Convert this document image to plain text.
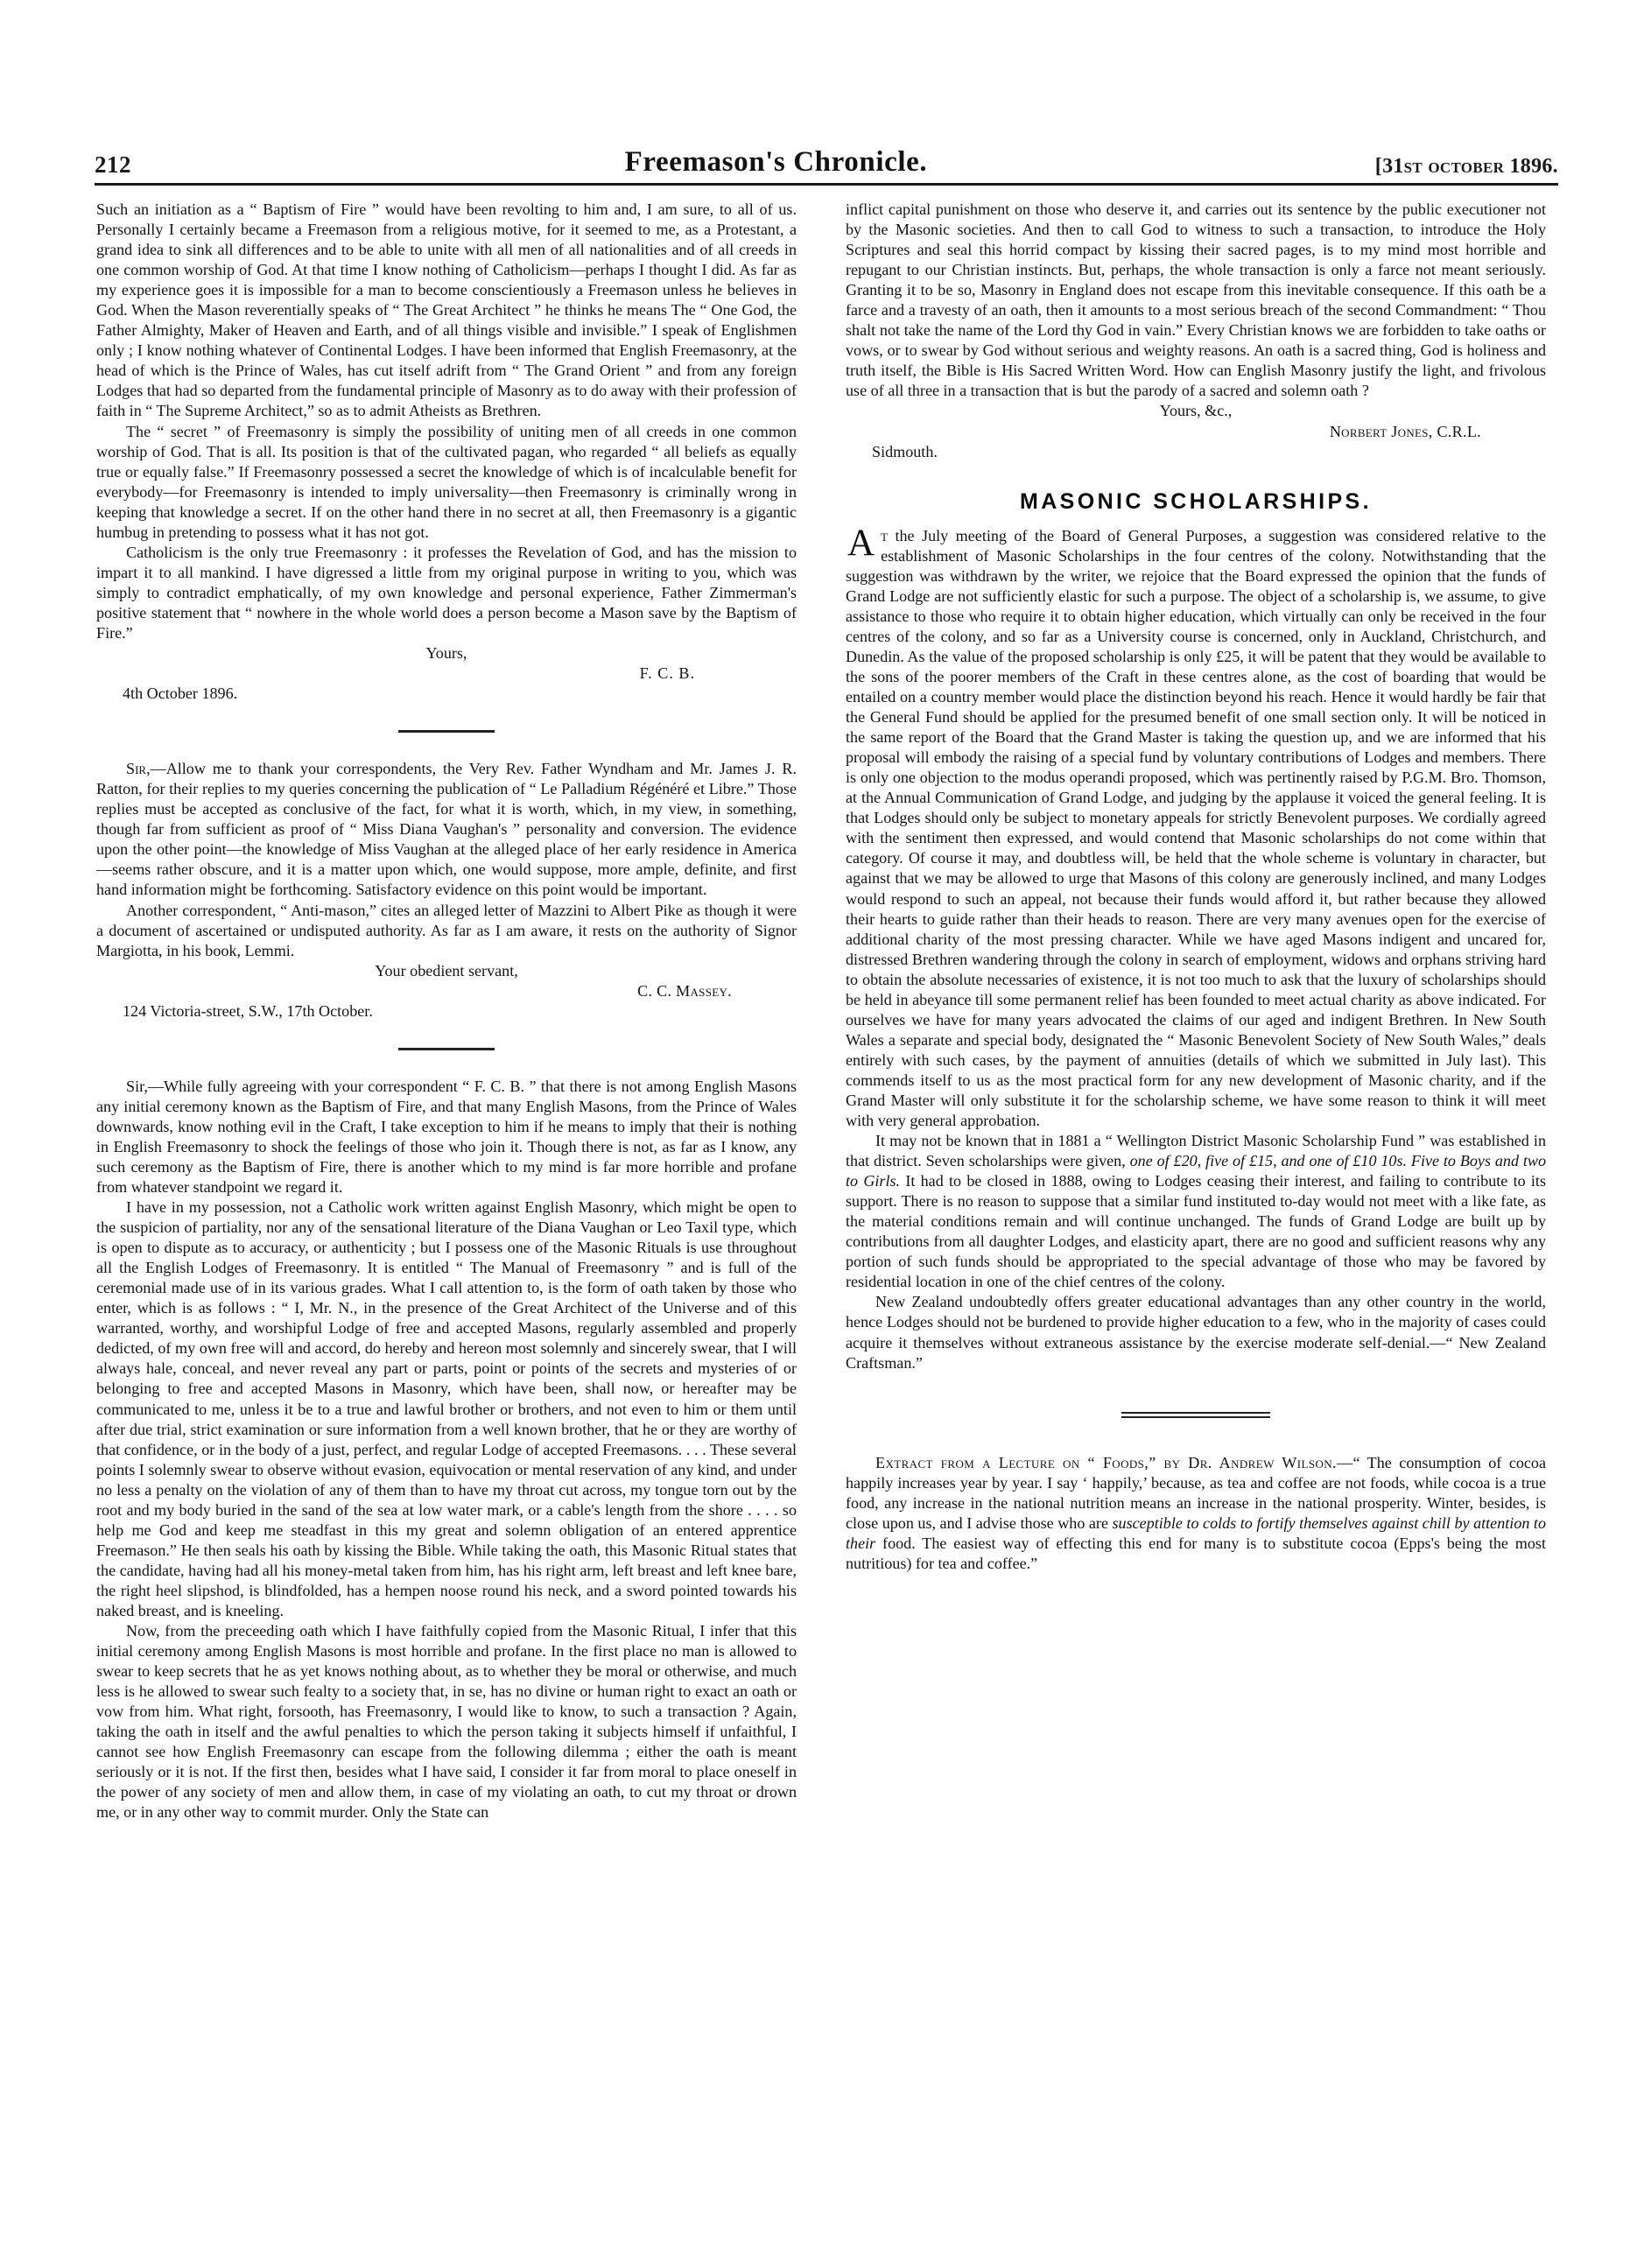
212	Freemason's Chronicle.	[31st october 1896.

Such an initiation as a “ Baptism of Fire ” would have been revolting to him and, I am sure, to all of us. Personally I certainly became a Freemason from a religious motive, for it seemed to me, as a Protestant, a grand idea to sink all differences and to be able to unite with all men of all nationalities and of all creeds in one common worship of God. At that time I know nothing of Catholicism—perhaps I thought I did. As far as my experience goes it is impossible for a man to become conscientiously a Freemason unless he believes in God. When the Mason reverentially speaks of “ The Great Architect ” he thinks he means The “ One God, the Father Almighty, Maker of Heaven and Earth, and of all things visible and invisible.” I speak of Englishmen only ; I know nothing whatever of Continental Lodges. I have been informed that English Freemasonry, at the head of which is the Prince of Wales, has cut itself adrift from “ The Grand Orient ” and from any foreign Lodges that had so departed from the fundamental principle of Masonry as to do away with their profession of faith in “ The Supreme Architect,” so as to admit Atheists as Brethren.

The “ secret ” of Freemasonry is simply the possibility of uniting men of all creeds in one common worship of God. That is all. Its position is that of the cultivated pagan, who regarded “ all beliefs as equally true or equally false.” If Freemasonry possessed a secret the knowledge of which is of incalculable benefit for everybody—for Freemasonry is intended to imply universality—then Freemasonry is criminally wrong in keeping that knowledge a secret. If on the other hand there in no secret at all, then Freemasonry is a gigantic humbug in pretending to possess what it has not got.

Catholicism is the only true Freemasonry : it professes the Revelation of God, and has the mission to impart it to all mankind. I have digressed a little from my original purpose in writing to you, which was simply to contradict emphatically, of my own knowledge and personal experience, Father Zimmerman's positive statement that “ nowhere in the whole world does a person become a Mason save by the Baptism of Fire.”

Yours,

F. C. B.

4th October 1896.

Sir,—Allow me to thank your correspondents, the Very Rev. Father Wyndham and Mr. James J. R. Ratton, for their replies to my queries concerning the publication of “ Le Palladium Régénéré et Libre.” Those replies must be accepted as conclusive of the fact, for what it is worth, which, in my view, in something, though far from sufficient as proof of “ Miss Diana Vaughan's ” personality and conversion. The evidence upon the other point—the knowledge of Miss Vaughan at the alleged place of her early residence in America—seems rather obscure, and it is a matter upon which, one would suppose, more ample, definite, and first hand information might be forthcoming. Satisfactory evidence on this point would be important.

Another correspondent, “ Anti-mason,” cites an alleged letter of Mazzini to Albert Pike as though it were a document of ascertained or undisputed authority. As far as I am aware, it rests on the authority of Signor Margiotta, in his book, Lemmi.

Your obedient servant,

C. C. Massey.

124 Victoria-street, S.W., 17th October.

Sir,—While fully agreeing with your correspondent “ F. C. B. ” that there is not among English Masons any initial ceremony known as the Baptism of Fire, and that many English Masons, from the Prince of Wales downwards, know nothing evil in the Craft, I take exception to him if he means to imply that their is nothing in English Freemasonry to shock the feelings of those who join it. Though there is not, as far as I know, any such ceremony as the Baptism of Fire, there is another which to my mind is far more horrible and profane from whatever standpoint we regard it.

I have in my possession, not a Catholic work written against English Masonry, which might be open to the suspicion of partiality, nor any of the sensational literature of the Diana Vaughan or Leo Taxil type, which is open to dispute as to accuracy, or authenticity ; but I possess one of the Masonic Rituals is use throughout all the English Lodges of Freemasonry. It is entitled “ The Manual of Freemasonry ” and is full of the ceremonial made use of in its various grades. What I call attention to, is the form of oath taken by those who enter, which is as follows : “ I, Mr. N., in the presence of the Great Architect of the Universe and of this warranted, worthy, and worshipful Lodge of free and accepted Masons, regularly assembled and properly dedicted, of my own free will and accord, do hereby and hereon most solemnly and sincerely swear, that I will always hale, conceal, and never reveal any part or parts, point or points of the secrets and mysteries of or belonging to free and accepted Masons in Masonry, which have been, shall now, or hereafter may be communicated to me, unless it be to a true and lawful brother or brothers, and not even to him or them until after due trial, strict examination or sure information from a well known brother, that he or they are worthy of that confidence, or in the body of a just, perfect, and regular Lodge of accepted Freemasons. . . . These several points I solemnly swear to observe without evasion, equivocation or mental reservation of any kind, and under no less a penalty on the violation of any of them than to have my throat cut across, my tongue torn out by the root and my body buried in the sand of the sea at low water mark, or a cable's length from the shore . . . . so help me God and keep me steadfast in this my great and solemn obligation of an entered apprentice Freemason.” He then seals his oath by kissing the Bible. While taking the oath, this Masonic Ritual states that the candidate, having had all his money-metal taken from him, has his right arm, left breast and left knee bare, the right heel slipshod, is blindfolded, has a hempen noose round his neck, and a sword pointed towards his naked breast, and is kneeling.

Now, from the preceeding oath which I have faithfully copied from the Masonic Ritual, I infer that this initial ceremony among English Masons is most horrible and profane. In the first place no man is allowed to swear to keep secrets that he as yet knows nothing about, as to whether they be moral or otherwise, and much less is he allowed to swear such fealty to a society that, in se, has no divine or human right to exact an oath or vow from him. What right, forsooth, has Freemasonry, I would like to know, to such a transaction ? Again, taking the oath in itself and the awful penalties to which the person taking it subjects himself if unfaithful, I cannot see how English Freemasonry can escape from the following dilemma ; either the oath is meant seriously or it is not. If the first then, besides what I have said, I consider it far from moral to place oneself in the power of any society of men and allow them, in case of my violating an oath, to cut my throat or drown me, or in any other way to commit murder. Only the State can

inflict capital punishment on those who deserve it, and carries out its sentence by the public executioner not by the Masonic societies. And then to call God to witness to such a transaction, to introduce the Holy Scriptures and seal this horrid compact by kissing their sacred pages, is to my mind most horrible and repugant to our Christian instincts. But, perhaps, the whole transaction is only a farce not meant seriously. Granting it to be so, Masonry in England does not escape from this inevitable consequence. If this oath be a farce and a travesty of an oath, then it amounts to a most serious breach of the second Commandment: “ Thou shalt not take the name of the Lord thy God in vain.” Every Christian knows we are forbidden to take oaths or vows, or to swear by God without serious and weighty reasons. An oath is a sacred thing, God is holiness and truth itself, the Bible is His Sacred Written Word. How can English Masonry justify the light, and frivolous use of all three in a transaction that is but the parody of a sacred and solemn oath ?

Yours, &c.,

Norbert Jones, C.R.L.

Sidmouth.

MASONIC SCHOLARSHIPS.

At the July meeting of the Board of General Purposes, a suggestion was considered relative to the establishment of Masonic Scholarships in the four centres of the colony. Notwithstanding that the suggestion was withdrawn by the writer, we rejoice that the Board expressed the opinion that the funds of Grand Lodge are not sufficiently elastic for such a purpose. The object of a scholarship is, we assume, to give assistance to those who require it to obtain higher education, which virtually can only be received in the four centres of the colony, and so far as a University course is concerned, only in Auckland, Christchurch, and Dunedin. As the value of the proposed scholarship is only £25, it will be patent that they would be available to the sons of the poorer members of the Craft in these centres alone, as the cost of boarding that would be entailed on a country member would place the distinction beyond his reach. Hence it would hardly be fair that the General Fund should be applied for the presumed benefit of one small section only. It will be noticed in the same report of the Board that the Grand Master is taking the question up, and we are informed that his proposal will embody the raising of a special fund by voluntary contributions of Lodges and members. There is only one objection to the modus operandi proposed, which was pertinently raised by P.G.M. Bro. Thomson, at the Annual Communication of Grand Lodge, and judging by the applause it voiced the general feeling. It is that Lodges should only be subject to monetary appeals for strictly Benevolent purposes. We cordially agreed with the sentiment then expressed, and would contend that Masonic scholarships do not come within that category. Of course it may, and doubtless will, be held that the whole scheme is voluntary in character, but against that we may be allowed to urge that Masons of this colony are generously inclined, and many Lodges would respond to such an appeal, not because their funds would afford it, but rather because they allowed their hearts to guide rather than their heads to reason. There are very many avenues open for the exercise of additional charity of the most pressing character. While we have aged Masons indigent and uncared for, distressed Brethren wandering through the colony in search of employment, widows and orphans striving hard to obtain the absolute necessaries of existence, it is not too much to ask that the luxury of scholarships should be held in abeyance till some permanent relief has been founded to meet actual charity as above indicated. For ourselves we have for many years advocated the claims of our aged and indigent Brethren. In New South Wales a separate and special body, designated the “ Masonic Benevolent Society of New South Wales,” deals entirely with such cases, by the payment of annuities (details of which we submitted in July last). This commends itself to us as the most practical form for any new development of Masonic charity, and if the Grand Master will only substitute it for the scholarship scheme, we have some reason to think it will meet with very general approbation.

It may not be known that in 1881 a “ Wellington District Masonic Scholarship Fund ” was established in that district. Seven scholarships were given, one of £20, five of £15, and one of £10 10s. Five to Boys and two to Girls. It had to be closed in 1888, owing to Lodges ceasing their interest, and failing to contribute to its support. There is no reason to suppose that a similar fund instituted to-day would not meet with a like fate, as the material conditions remain and will continue unchanged. The funds of Grand Lodge are built up by contributions from all daughter Lodges, and elasticity apart, there are no good and sufficient reasons why any portion of such funds should be appropriated to the special advantage of those who may be favored by residential location in one of the chief centres of the colony.

New Zealand undoubtedly offers greater educational advantages than any other country in the world, hence Lodges should not be burdened to provide higher education to a few, who in the majority of cases could acquire it themselves without extraneous assistance by the exercise moderate self-denial.—“ New Zealand Craftsman.”

Extract from a Lecture on “ Foods,” by Dr. Andrew Wilson.—“ The consumption of cocoa happily increases year by year. I say ‘ happily,’ because, as tea and coffee are not foods, while cocoa is a true food, any increase in the national nutrition means an increase in the national prosperity. Winter, besides, is close upon us, and I advise those who are susceptible to colds to fortify themselves against chill by attention to their food. The easiest way of effecting this end for many is to substitute cocoa (Epps's being the most nutritious) for tea and coffee.”
